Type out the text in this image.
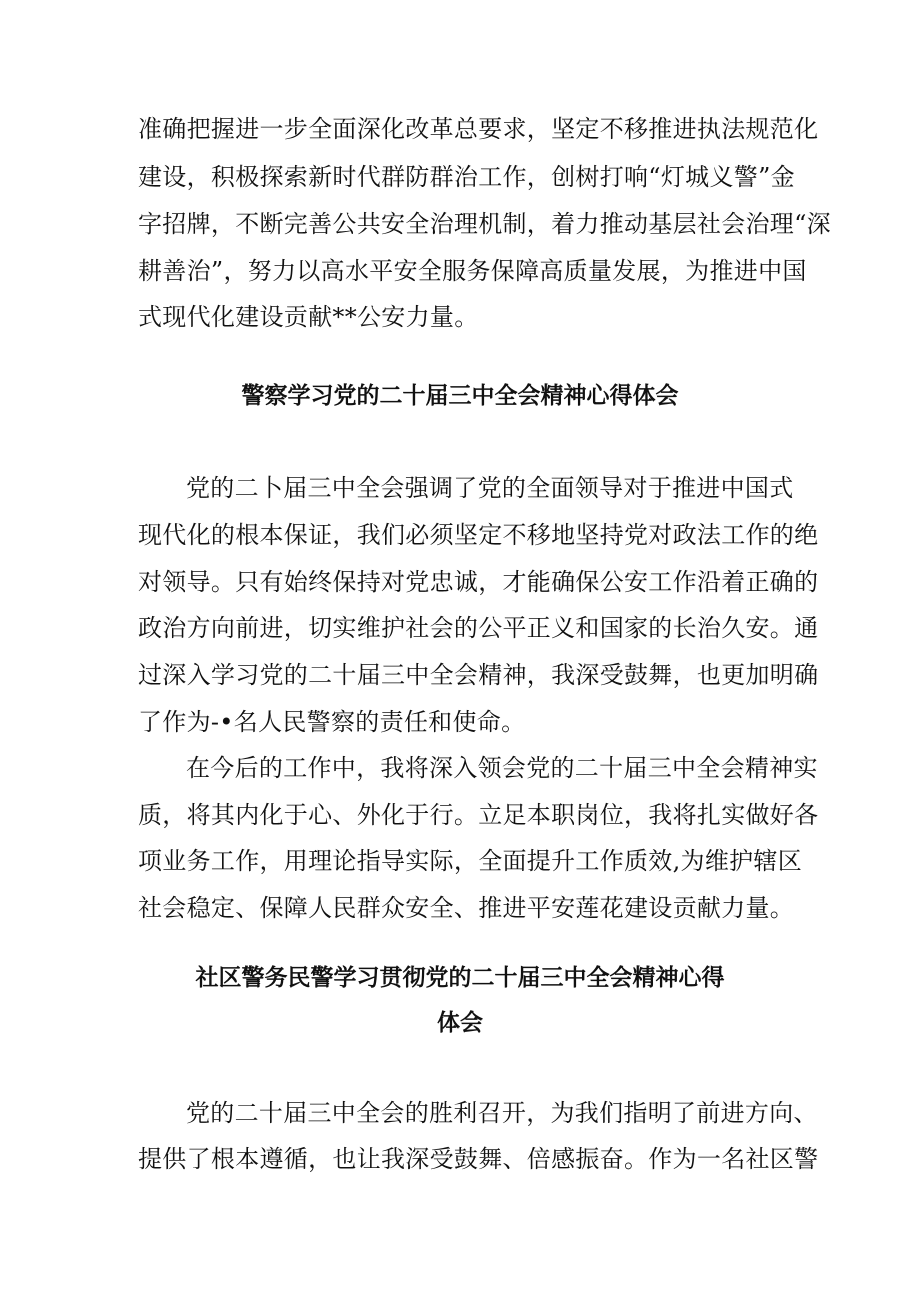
准确把握进一步全面深化改革总要求，坚定不移推进执法规范化
建设，积极探索新时代群防群治工作，创树打响“灯城义警”金
字招牌，不断完善公共安全治理机制，着力推动基层社会治理“深
耕善治”，努力以高水平安全服务保障高质量发展，为推进中国
式现代化建设贡献**公安力量。
警察学习党的二十届三中全会精神心得体会
党的二卜届三中全会强调了党的全面领导对于推进中国式
现代化的根本保证，我们必须坚定不移地坚持党对政法工作的绝
对领导。只有始终保持对党忠诚，才能确保公安工作沿着正确的
政治方向前进，切实维护社会的公平正义和国家的长治久安。通
过深入学习党的二十届三中全会精神，我深受鼓舞，也更加明确
了作为-•名人民警察的责任和使命。
在今后的工作中，我将深入领会党的二十届三中全会精神实
质，将其内化于心、外化于行。立足本职岗位，我将扎实做好各
项业务工作，用理论指导实际，全面提升工作质效,为维护辖区
社会稳定、保障人民群众安全、推进平安莲花建设贡献力量。
社区警务民警学习贯彻党的二十届三中全会精神心得
体会
党的二十届三中全会的胜利召开，为我们指明了前进方向、
提供了根本遵循，也让我深受鼓舞、倍感振奋。作为一名社区警
